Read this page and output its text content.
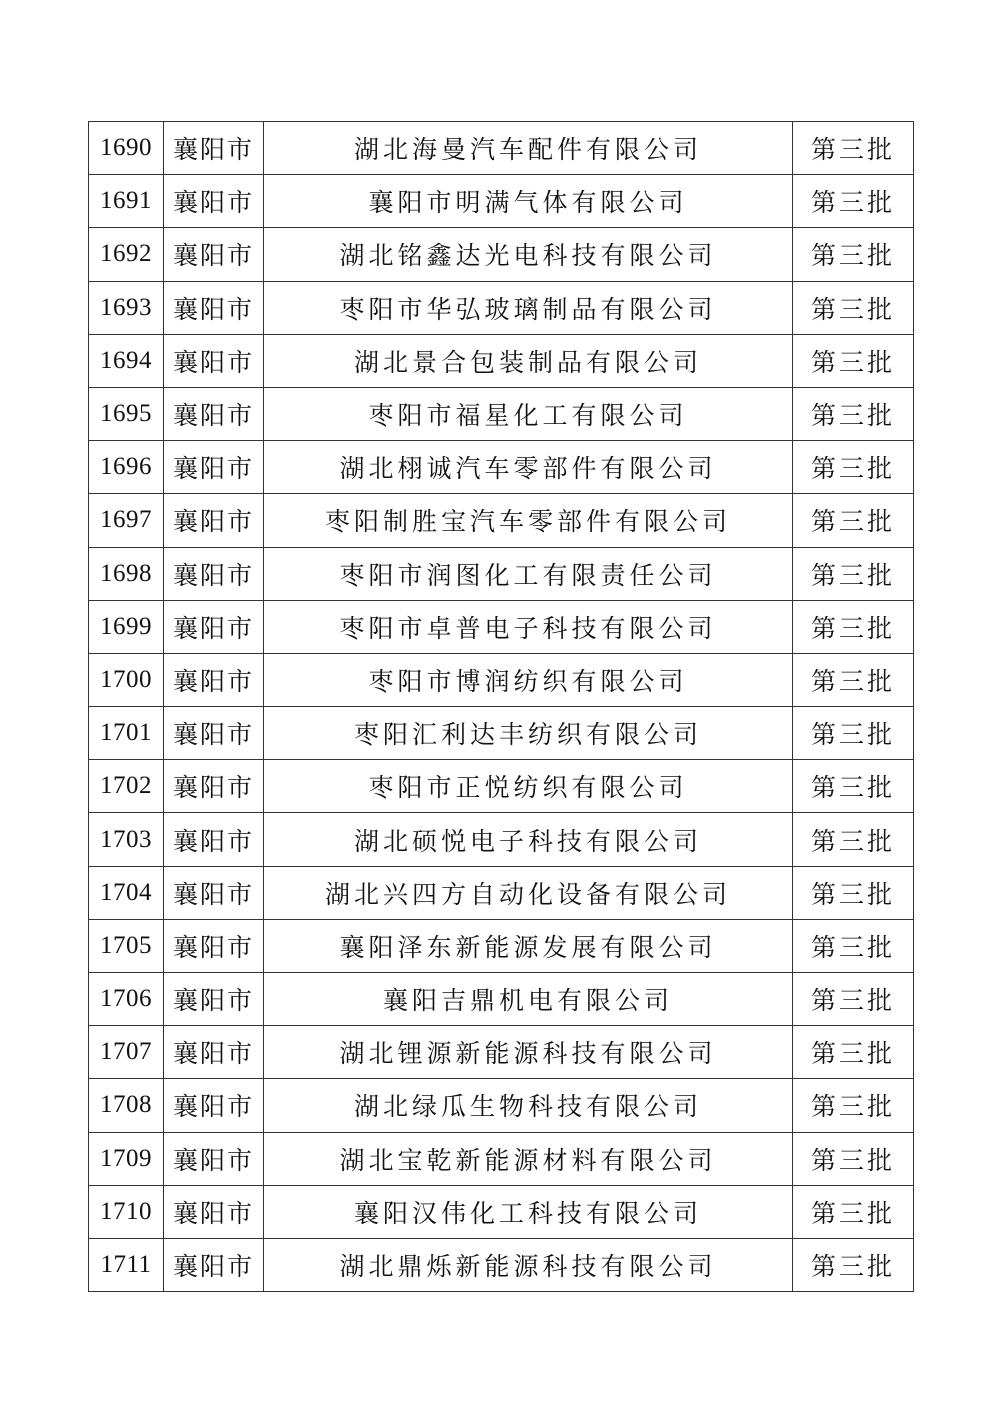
1690	襄阳市	湖北海曼汽车配件有限公司	第三批
1691	襄阳市	襄阳市明满气体有限公司	第三批
1692	襄阳市	湖北铭鑫达光电科技有限公司	第三批
1693	襄阳市	枣阳市华弘玻璃制品有限公司	第三批
1694	襄阳市	湖北景合包装制品有限公司	第三批
1695	襄阳市	枣阳市福星化工有限公司	第三批
1696	襄阳市	湖北栩诚汽车零部件有限公司	第三批
1697	襄阳市	枣阳制胜宝汽车零部件有限公司	第三批
1698	襄阳市	枣阳市润图化工有限责任公司	第三批
1699	襄阳市	枣阳市卓普电子科技有限公司	第三批
1700	襄阳市	枣阳市博润纺织有限公司	第三批
1701	襄阳市	枣阳汇利达丰纺织有限公司	第三批
1702	襄阳市	枣阳市正悦纺织有限公司	第三批
1703	襄阳市	湖北硕悦电子科技有限公司	第三批
1704	襄阳市	湖北兴四方自动化设备有限公司	第三批
1705	襄阳市	襄阳泽东新能源发展有限公司	第三批
1706	襄阳市	襄阳吉鼎机电有限公司	第三批
1707	襄阳市	湖北锂源新能源科技有限公司	第三批
1708	襄阳市	湖北绿瓜生物科技有限公司	第三批
1709	襄阳市	湖北宝乾新能源材料有限公司	第三批
1710	襄阳市	襄阳汉伟化工科技有限公司	第三批
1711	襄阳市	湖北鼎烁新能源科技有限公司	第三批
